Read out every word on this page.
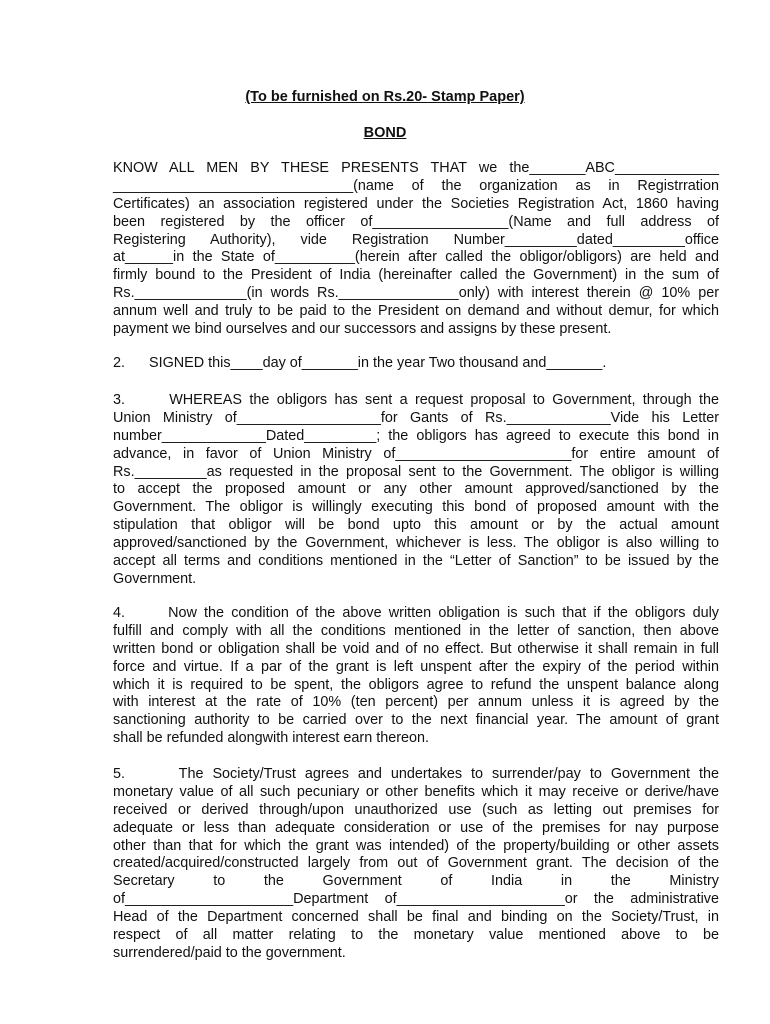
(To be furnished on Rs.20- Stamp Paper)
BOND
KNOW ALL MEN BY THESE PRESENTS THAT we the_______ABC_____________
______________________________(name of the organization as in Registrration
Certificates) an association registered under the Societies Registration Act, 1860 having
been registered by the officer of_________________(Name and full address of
Registering Authority), vide Registration Number_________dated_________office
at______in the State of__________(herein after called the obligor/obligors) are held and
firmly bound to the President of India (hereinafter called the Government) in the sum of
Rs.______________(in words Rs._______________only) with interest therein @ 10% per
annum well and truly to be paid to the President on demand and without demur, for which
payment we bind ourselves and our successors and assigns by these present.
2.      SIGNED this____day of_______in the year Two thousand and_______.
3.      WHEREAS the obligors has sent a request proposal to Government, through the
Union Ministry of__________________for Gants of Rs._____________Vide his Letter
number_____________Dated_________; the obligors has agreed to execute this bond in
advance, in favor of Union Ministry of______________________for entire amount of
Rs._________as requested in the proposal sent to the Government. The obligor is willing
to accept the proposed amount or any other amount approved/sanctioned by the
Government. The obligor is willingly executing this bond of proposed amount with the
stipulation that obligor will be bond upto this amount or by the actual amount
approved/sanctioned by the Government, whichever is less. The obligor is also willing to
accept all terms and conditions mentioned in the “Letter of Sanction” to be issued by the
Government.
4.      Now the condition of the above written obligation is such that if the obligors duly
fulfill and comply with all the conditions mentioned in the letter of sanction, then above
written bond or obligation shall be void and of no effect. But otherwise it shall remain in full
force and virtue. If a par of the grant is left unspent after the expiry of the period within
which it is required to be spent, the obligors agree to refund the unspent balance along
with interest at the rate of 10% (ten percent) per annum unless it is agreed by the
sanctioning authority to be carried over to the next financial year. The amount of grant
shall be refunded alongwith interest earn thereon.
5.      The Society/Trust agrees and undertakes to surrender/pay to Government the
monetary value of all such pecuniary or other benefits which it may receive or derive/have
received or derived through/upon unauthorized use (such as letting out premises for
adequate or less than adequate consideration or use of the premises for nay purpose
other than that for which the grant was intended) of the property/building or other assets
created/acquired/constructed largely from out of Government grant. The decision of the
Secretary to the Government of India in the Ministry
of_____________________Department of_____________________or the administrative
Head of the Department concerned shall be final and binding on the Society/Trust, in
respect of all matter relating to the monetary value mentioned above to be
surrendered/paid to the government.
